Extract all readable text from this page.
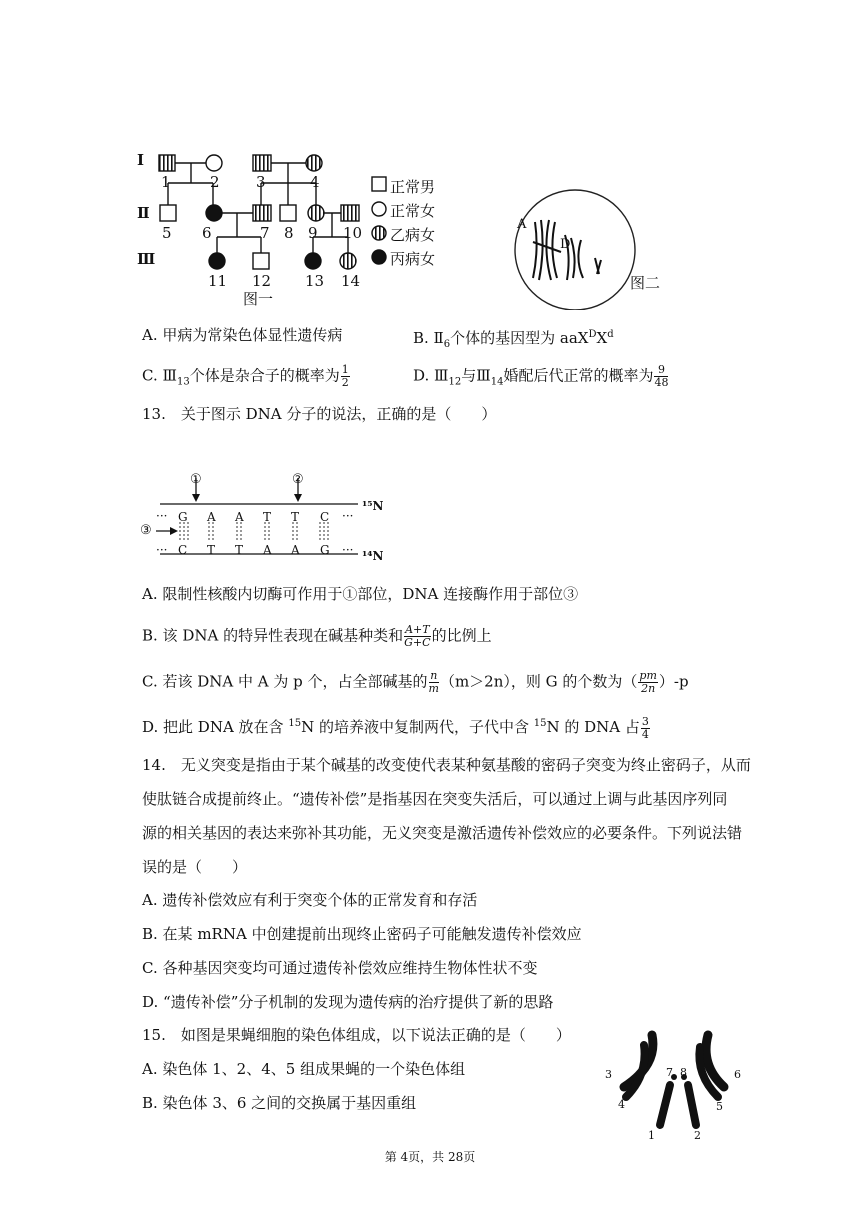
Ⅰ
Ⅱ
Ⅲ
1	2 3	4
5 6	7 8 9 10
11 12 13 14
正常男
正常女
乙病女
丙病女
图一
A
D
图二
A. 甲病为常染色体显性遗传病	B. $Ⅱ_6$个体的基因型为 $aaX^DX^d$
C. $Ⅲ_{13}$个体是杂合子的概率为 $\frac{1}{2}$	D. $Ⅲ_{12}$与$Ⅲ_{14}$婚配后代正常的概率为 $\frac{9}{48}$
13.　关于图示 DNA 分子的说法，正确的是（　　）
①	②
③
¹⁵N
¹⁴N
···
···
···
···
G A A T T C
C T T A A G
A. 限制性核酸内切酶可作用于①部位，DNA 连接酶作用于部位③
B. 该 DNA 的特异性表现在碱基种类和 $\frac{A+T}{G+C}$ 的比例上
C. 若该 DNA 中 A 为 p 个，占全部碱基的 $\frac{n}{m} (m>2n)$，则 G 的个数为（ $\frac{pm}{2n} )-p$
D. 把此 DNA 放在含 $^{15}$N 的培养液中复制两代，子代中含 $^{15}$N 的 DNA 占 $\frac{3}{4}$
14.　无义突变是指由于某个碱基的改变使代表某种氨基酸的密码子突变为终止密码子，从而
使肽链合成提前终止。“遗传补偿”是指基因在突变失活后，可以通过上调与此基因序列同
源的相关基因的表达来弥补其功能，无义突变是激活遗传补偿效应的必要条件。下列说法错
误的是（　　）
A. 遗传补偿效应有利于突变个体的正常发育和存活
B. 在某 mRNA 中创建提前出现终止密码子可能触发遗传补偿效应
C. 各种基因突变均可通过遗传补偿效应维持生物体性状不变
D. “遗传补偿”分子机制的发现为遗传病的治疗提供了新的思路
15.　如图是果蝇细胞的染色体组成，以下说法正确的是（　　）
A. 染色体 1、2、4、5 组成果蝇的一个染色体组
B. 染色体 3、6 之间的交换属于基因重组
3
4
6
5
7 8
1	2
第 4页，共 28页
